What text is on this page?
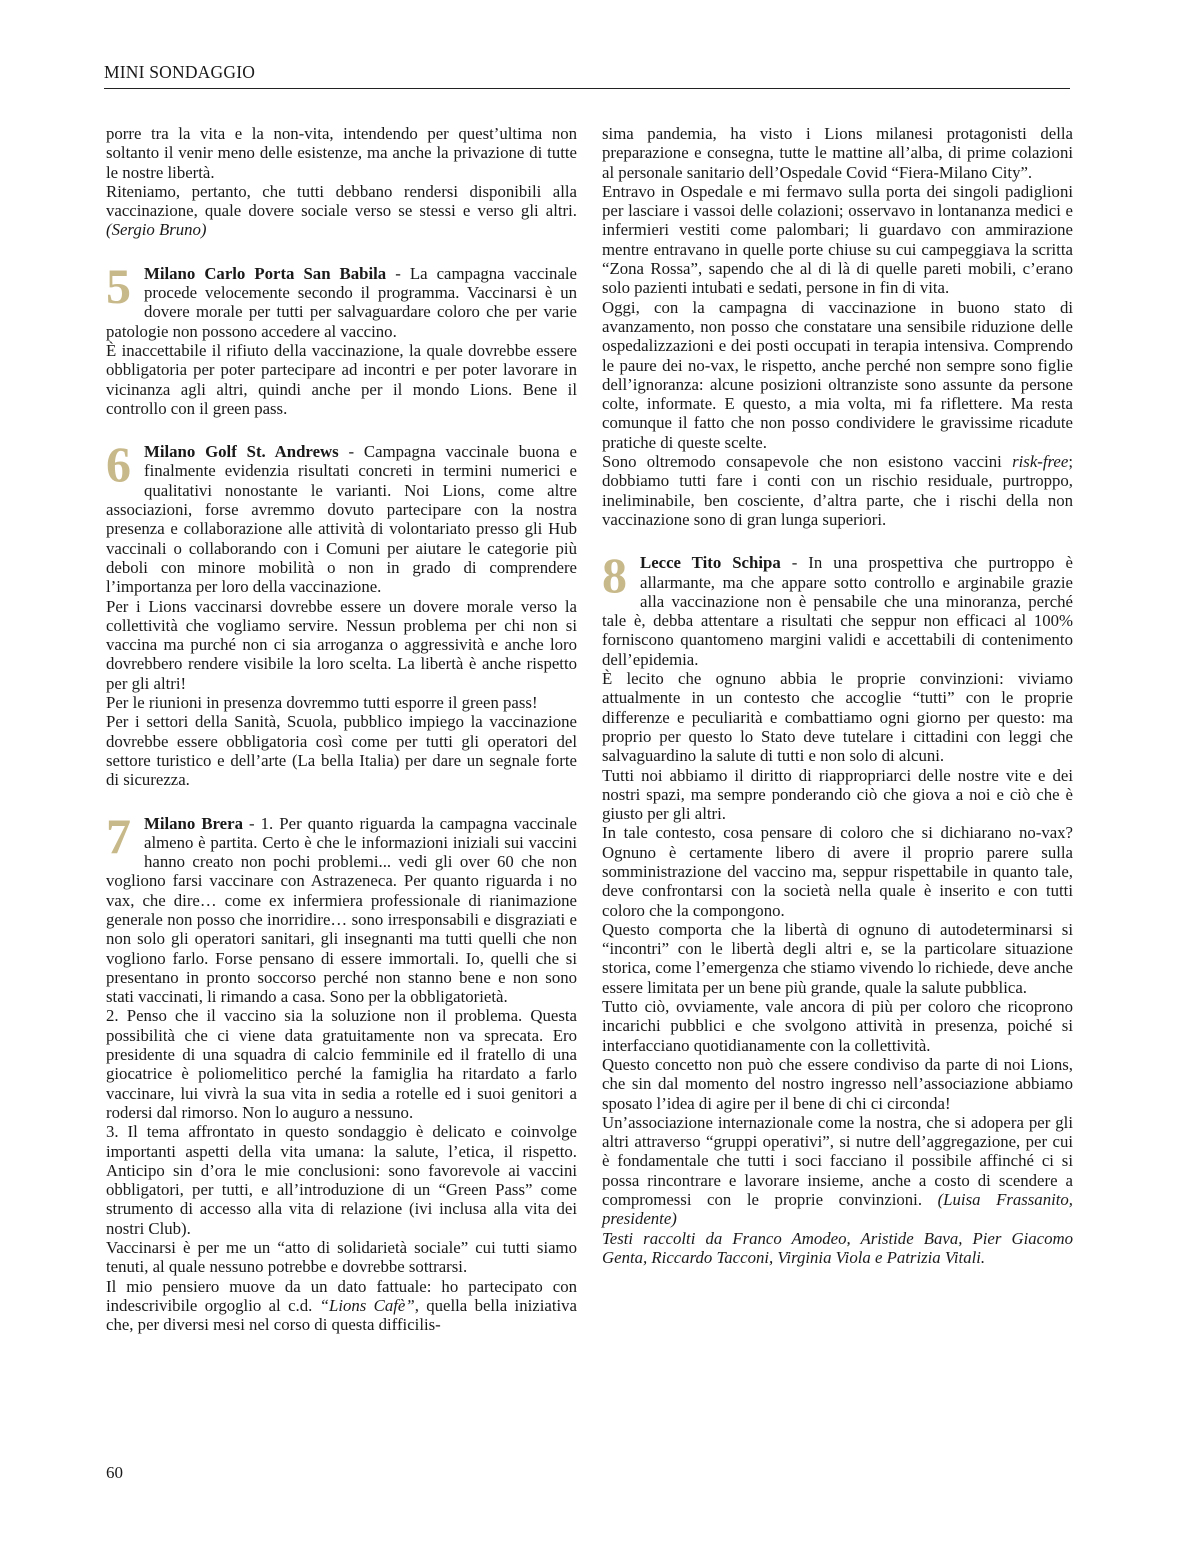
MINI SONDAGGIO

porre tra la vita e la non-vita, intendendo per quest’ultima non soltanto il venir meno delle esistenze, ma anche la privazione di tutte le nostre libertà.

Riteniamo, pertanto, che tutti debbano rendersi disponibili alla vaccinazione, quale dovere sociale verso se stessi e verso gli altri. (Sergio Bruno)

5 Milano Carlo Porta San Babila - La campagna vaccinale procede velocemente secondo il programma. Vaccinarsi è un dovere morale per tutti per salvaguardare coloro che per varie patologie non possono accedere al vaccino.

È inaccettabile il rifiuto della vaccinazione, la quale dovrebbe essere obbligatoria per poter partecipare ad incontri e per poter lavorare in vicinanza agli altri, quindi anche per il mondo Lions. Bene il controllo con il green pass.

6 Milano Golf St. Andrews - Campagna vaccinale buona e finalmente evidenzia risultati concreti in termini numerici e qualitativi nonostante le varianti. Noi Lions, come altre associazioni, forse avremmo dovuto partecipare con la nostra presenza e collaborazione alle attività di volontariato presso gli Hub vaccinali o collaborando con i Comuni per aiutare le categorie più deboli con minore mobilità o non in grado di comprendere l’importanza per loro della vaccinazione.

Per i Lions vaccinarsi dovrebbe essere un dovere morale verso la collettività che vogliamo servire. Nessun problema per chi non si vaccina ma purché non ci sia arroganza o aggressività e anche loro dovrebbero rendere visibile la loro scelta. La libertà è anche rispetto per gli altri!

Per le riunioni in presenza dovremmo tutti esporre il green pass!

Per i settori della Sanità, Scuola, pubblico impiego la vaccinazione dovrebbe essere obbligatoria così come per tutti gli operatori del settore turistico e dell’arte (La bella Italia) per dare un segnale forte di sicurezza.

7 Milano Brera - 1. Per quanto riguarda la campagna vaccinale almeno è partita. Certo è che le informazioni iniziali sui vaccini hanno creato non pochi problemi... vedi gli over 60 che non vogliono farsi vaccinare con Astrazeneca. Per quanto riguarda i no vax, che dire… come ex infermiera professionale di rianimazione generale non posso che inorridire… sono irresponsabili e disgraziati e non solo gli operatori sanitari, gli insegnanti ma tutti quelli che non vogliono farlo. Forse pensano di essere immortali. Io, quelli che si presentano in pronto soccorso perché non stanno bene e non sono stati vaccinati, li rimando a casa. Sono per la obbligatorietà.

2. Penso che il vaccino sia la soluzione non il problema. Questa possibilità che ci viene data gratuitamente non va sprecata. Ero presidente di una squadra di calcio femminile ed il fratello di una giocatrice è poliomelitico perché la famiglia ha ritardato a farlo vaccinare, lui vivrà la sua vita in sedia a rotelle ed i suoi genitori a rodersi dal rimorso. Non lo auguro a nessuno.

3. Il tema affrontato in questo sondaggio è delicato e coinvolge importanti aspetti della vita umana: la salute, l’etica, il rispetto. Anticipo sin d’ora le mie conclusioni: sono favorevole ai vaccini obbligatori, per tutti, e all’introduzione di un “Green Pass” come strumento di accesso alla vita di relazione (ivi inclusa alla vita dei nostri Club).

Vaccinarsi è per me un “atto di solidarietà sociale” cui tutti siamo tenuti, al quale nessuno potrebbe e dovrebbe sottrarsi.

Il mio pensiero muove da un dato fattuale: ho partecipato con indescrivibile orgoglio al c.d. “Lions Cafè”, quella bella iniziativa che, per diversi mesi nel corso di questa difficilis-

sima pandemia, ha visto i Lions milanesi protagonisti della preparazione e consegna, tutte le mattine all’alba, di prime colazioni al personale sanitario dell’Ospedale Covid “Fiera-Milano City”.

Entravo in Ospedale e mi fermavo sulla porta dei singoli padiglioni per lasciare i vassoi delle colazioni; osservavo in lontananza medici e infermieri vestiti come palombari; li guardavo con ammirazione mentre entravano in quelle porte chiuse su cui campeggiava la scritta “Zona Rossa”, sapendo che al di là di quelle pareti mobili, c’erano solo pazienti intubati e sedati, persone in fin di vita.

Oggi, con la campagna di vaccinazione in buono stato di avanzamento, non posso che constatare una sensibile riduzione delle ospedalizzazioni e dei posti occupati in terapia intensiva. Comprendo le paure dei no-vax, le rispetto, anche perché non sempre sono figlie dell’ignoranza: alcune posizioni oltranziste sono assunte da persone colte, informate. E questo, a mia volta, mi fa riflettere. Ma resta comunque il fatto che non posso condividere le gravissime ricadute pratiche di queste scelte.

Sono oltremodo consapevole che non esistono vaccini risk-free; dobbiamo tutti fare i conti con un rischio residuale, purtroppo, ineliminabile, ben cosciente, d’altra parte, che i rischi della non vaccinazione sono di gran lunga superiori.

8 Lecce Tito Schipa - In una prospettiva che purtroppo è allarmante, ma che appare sotto controllo e arginabile grazie alla vaccinazione non è pensabile che una minoranza, perché tale è, debba attentare a risultati che seppur non efficaci al 100% forniscono quantomeno margini validi e accettabili di contenimento dell’epidemia.

È lecito che ognuno abbia le proprie convinzioni: viviamo attualmente in un contesto che accoglie “tutti” con le proprie differenze e peculiarità e combattiamo ogni giorno per questo: ma proprio per questo lo Stato deve tutelare i cittadini con leggi che salvaguardino la salute di tutti e non solo di alcuni.

Tutti noi abbiamo il diritto di riappropriarci delle nostre vite e dei nostri spazi, ma sempre ponderando ciò che giova a noi e ciò che è giusto per gli altri.

In tale contesto, cosa pensare di coloro che si dichiarano no-vax? Ognuno è certamente libero di avere il proprio parere sulla somministrazione del vaccino ma, seppur rispettabile in quanto tale, deve confrontarsi con la società nella quale è inserito e con tutti coloro che la compongono.

Questo comporta che la libertà di ognuno di autodeterminarsi si “incontri” con le libertà degli altri e, se la particolare situazione storica, come l’emergenza che stiamo vivendo lo richiede, deve anche essere limitata per un bene più grande, quale la salute pubblica.

Tutto ciò, ovviamente, vale ancora di più per coloro che ricoprono incarichi pubblici e che svolgono attività in presenza, poiché si interfacciano quotidianamente con la collettività.

Questo concetto non può che essere condiviso da parte di noi Lions, che sin dal momento del nostro ingresso nell’associazione abbiamo sposato l’idea di agire per il bene di chi ci circonda!

Un’associazione internazionale come la nostra, che si adopera per gli altri attraverso “gruppi operativi”, si nutre dell’aggregazione, per cui è fondamentale che tutti i soci facciano il possibile affinché ci si possa rincontrare e lavorare insieme, anche a costo di scendere a compromessi con le proprie convinzioni. (Luisa Frassanito, presidente)

Testi raccolti da Franco Amodeo, Aristide Bava, Pier Giacomo Genta, Riccardo Tacconi, Virginia Viola e Patrizia Vitali.

60
